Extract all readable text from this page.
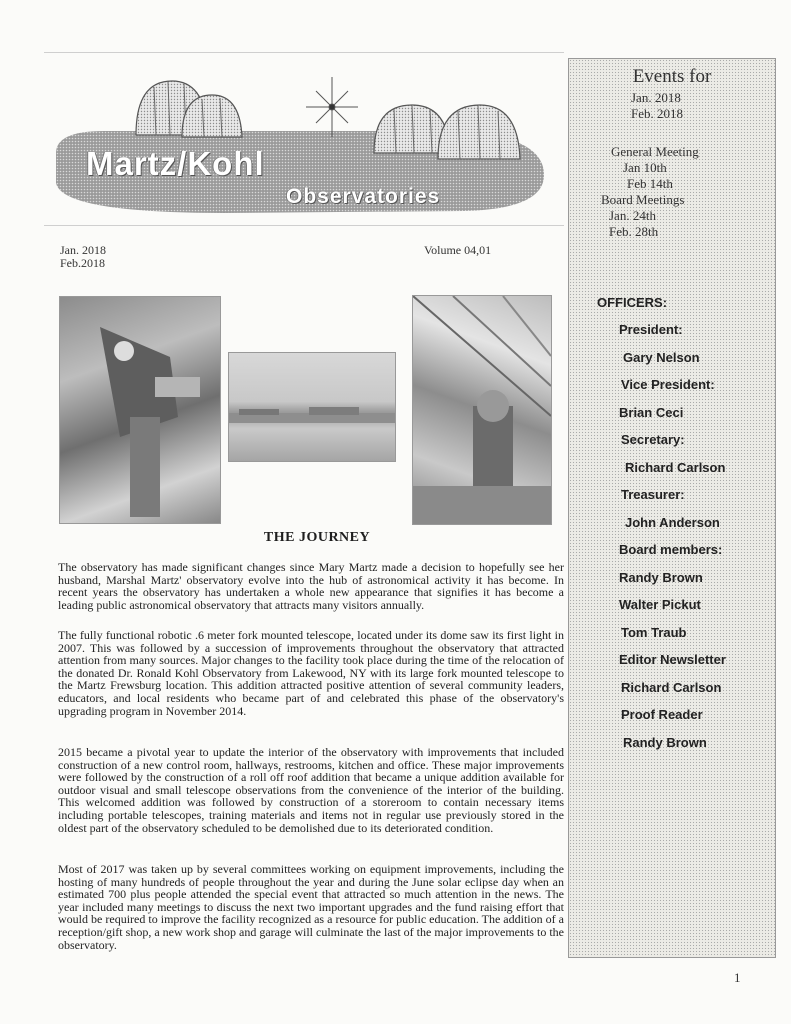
Martz/Kohl
Observatories
Jan. 2018
Feb.2018
Volume 04,01
THE JOURNEY

The observatory has made significant changes since Mary Martz made a decision to hopefully see her husband, Marshal Martz' observatory evolve into the hub of astronomical activity it has become. In recent years the observatory has undertaken a whole new appearance that signifies it has become a leading public astronomical observatory that attracts many visitors annually.

The fully functional robotic .6 meter fork mounted telescope, located under its dome saw its first light in 2007. This was followed by a succession of improvements throughout the observatory that attracted attention from many sources. Major changes to the facility took place during the time of the relocation of the donated Dr. Ronald Kohl Observatory from Lakewood, NY with its large fork mounted telescope to the Martz Frewsburg location. This addition attracted positive attention of several community leaders, educators, and local residents who became part of and celebrated this phase of the observatory's upgrading program in November 2014.

2015 became a pivotal year to update the interior of the observatory with improvements that included construction of a new control room, hallways, restrooms, kitchen and office. These major improvements were followed by the construction of a roll off roof addition that became a unique addition available for outdoor visual and small telescope observations from the convenience of the interior of the building. This welcomed addition was followed by construction of a storeroom to contain necessary items including portable telescopes, training materials and items not in regular use previously stored in the oldest part of the observatory scheduled to be demolished due to its deteriorated condition.

Most of 2017 was taken up by several committees working on equipment improvements, including the hosting of many hundreds of people throughout the year and during the June solar eclipse day when an estimated 700 plus people attended the special event that attracted so much attention in the news. The year included many meetings to discuss the next two important upgrades and the fund raising effort that would be required to improve the facility recognized as a resource for public education. The addition of a reception/gift shop, a new work shop and garage will culminate the last of the major improvements to the observatory.

Events for
Jan. 2018
Feb. 2018
General Meeting
Jan 10th
Feb 14th
Board Meetings
Jan. 24th
Feb. 28th
OFFICERS:
President:
Gary Nelson
Vice President:
Brian Ceci
Secretary:
Richard Carlson
Treasurer:
John Anderson
Board members:
Randy Brown
Walter Pickut
Tom Traub
Editor Newsletter
Richard Carlson
Proof Reader
Randy Brown
1
